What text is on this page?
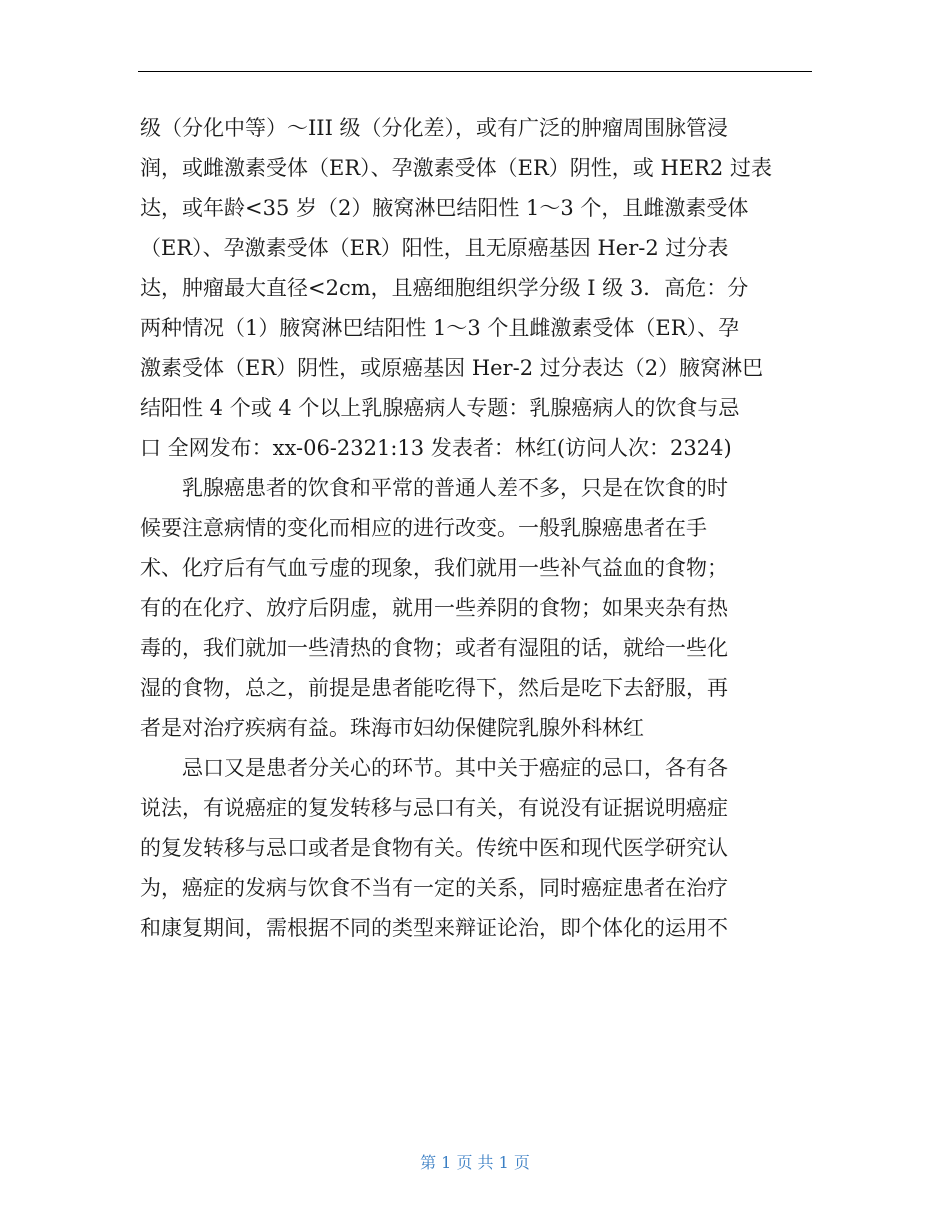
级（分化中等）～III 级（分化差），或有广泛的肿瘤周围脉管浸
润，或雌激素受体（ER）、孕激素受体（ER）阴性，或 HER2 过表
达，或年龄<35 岁（2）腋窝淋巴结阳性 1～3 个，且雌激素受体
（ER）、孕激素受体（ER）阳性，且无原癌基因 Her-2 过分表
达，肿瘤最大直径<2cm，且癌细胞组织学分级 I 级 3．高危：分
两种情况（1）腋窝淋巴结阳性 1～3 个且雌激素受体（ER）、孕
激素受体（ER）阴性，或原癌基因 Her-2 过分表达（2）腋窝淋巴
结阳性 4 个或 4 个以上乳腺癌病人专题：乳腺癌病人的饮食与忌
口 全网发布：xx-06-2321:13 发表者：林红(访问人次：2324)
　　乳腺癌患者的饮食和平常的普通人差不多，只是在饮食的时
候要注意病情的变化而相应的进行改变。一般乳腺癌患者在手
术、化疗后有气血亏虚的现象，我们就用一些补气益血的食物；
有的在化疗、放疗后阴虚，就用一些养阴的食物；如果夹杂有热
毒的，我们就加一些清热的食物；或者有湿阻的话，就给一些化
湿的食物，总之，前提是患者能吃得下，然后是吃下去舒服，再
者是对治疗疾病有益。珠海市妇幼保健院乳腺外科林红
　　忌口又是患者分关心的环节。其中关于癌症的忌口，各有各
说法，有说癌症的复发转移与忌口有关，有说没有证据说明癌症
的复发转移与忌口或者是食物有关。传统中医和现代医学研究认
为，癌症的发病与饮食不当有一定的关系，同时癌症患者在治疗
和康复期间，需根据不同的类型来辩证论治，即个体化的运用不
第 1 页 共 1 页
